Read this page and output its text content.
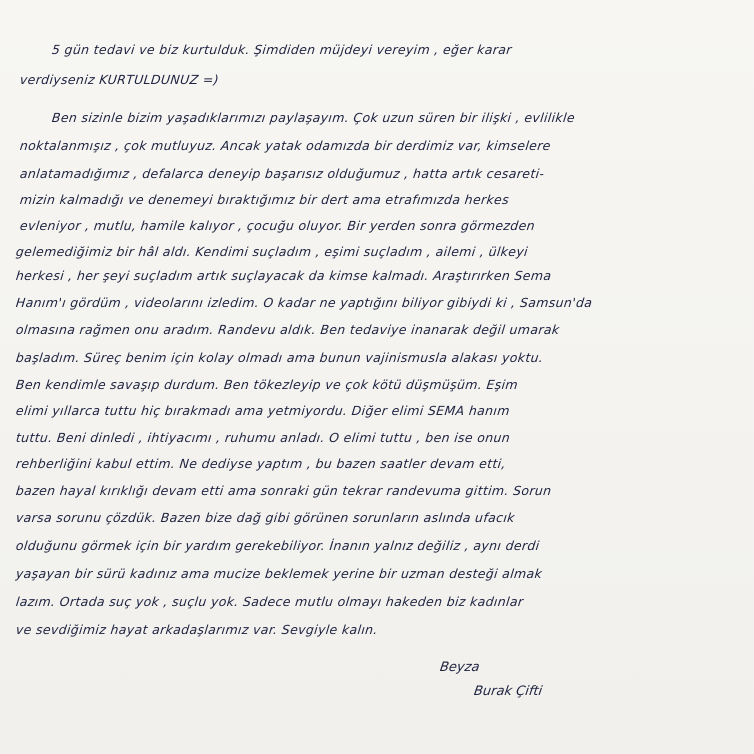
5 gün tedavi ve biz kurtulduk. Şimdiden müjdeyi vereyim , eğer karar
verdiyseniz KURTULDUNUZ =)
Ben sizinle bizim yaşadıklarımızı paylaşayım. Çok uzun süren bir ilişki , evlilikle
noktalanmışız , çok mutluyuz. Ancak yatak odamızda bir derdimiz var, kimselere
anlatamadığımız , defalarca deneyip başarısız olduğumuz , hatta artık cesareti-
mizin kalmadığı ve denemeyi bıraktığımız bir dert ama etrafımızda herkes
evleniyor , mutlu, hamile kalıyor , çocuğu oluyor. Bir yerden sonra görmezden
gelemediğimiz bir hâl aldı. Kendimi suçladım , eşimi suçladım , ailemi , ülkeyi
herkesi , her şeyi suçladım artık suçlayacak da kimse kalmadı. Araştırırken Sema
Hanım'ı gördüm , videolarını izledim. O kadar ne yaptığını biliyor gibiydi ki , Samsun'da
olmasına rağmen onu aradım. Randevu aldık. Ben tedaviye inanarak değil umarak
başladım. Süreç benim için kolay olmadı ama bunun vajinismusla alakası yoktu.
Ben kendimle savaşıp durdum. Ben tökezleyip ve çok kötü düşmüşüm. Eşim
elimi yıllarca tuttu hiç bırakmadı ama yetmiyordu. Diğer elimi SEMA hanım
tuttu. Beni dinledi , ihtiyacımı , ruhumu anladı. O elimi tuttu , ben ise onun
rehberliğini kabul ettim. Ne dediyse yaptım , bu bazen saatler devam etti,
bazen hayal kırıklığı devam etti ama sonraki gün tekrar randevuma gittim. Sorun
varsa sorunu çözdük. Bazen bize dağ gibi görünen sorunların aslında ufacık
olduğunu görmek için bir yardım gerekebiliyor. İnanın yalnız değiliz , aynı derdi
yaşayan bir sürü kadınız ama mucize beklemek yerine bir uzman desteği almak
lazım. Ortada suç yok , suçlu yok. Sadece mutlu olmayı hakeden biz kadınlar
ve sevdiğimiz hayat arkadaşlarımız var. Sevgiyle kalın.
Beyza
Burak Çifti
